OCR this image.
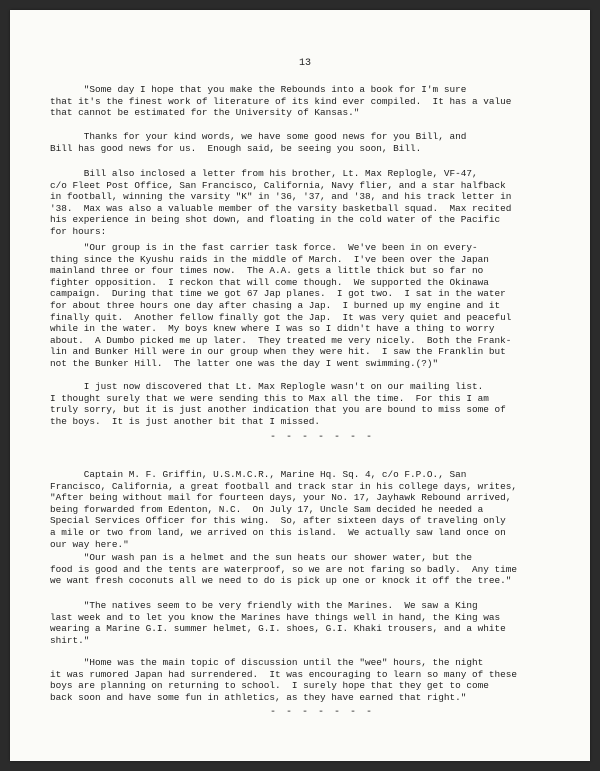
13
"Some day I hope that you make the Rebounds into a book for I'm sure
that it's the finest work of literature of its kind ever compiled.  It has a value
that cannot be estimated for the University of Kansas."
Thanks for your kind words, we have some good news for you Bill, and
Bill has good news for us.  Enough said, be seeing you soon, Bill.
Bill also inclosed a letter from his brother, Lt. Max Replogle, VF-47,
c/o Fleet Post Office, San Francisco, California, Navy flier, and a star halfback
in football, winning the varsity "K" in '36, '37, and '38, and his track letter in
'38.  Max was also a valuable member of the varsity basketball squad.  Max recited
his experience in being shot down, and floating in the cold water of the Pacific
for hours:
"Our group is in the fast carrier task force.  We've been in on every-
thing since the Kyushu raids in the middle of March.  I've been over the Japan
mainland three or four times now.  The A.A. gets a little thick but so far no
fighter opposition.  I reckon that will come though.  We supported the Okinawa
campaign.  During that time we got 67 Jap planes.  I got two.  I sat in the water
for about three hours one day after chasing a Jap.  I burned up my engine and it
finally quit.  Another fellow finally got the Jap.  It was very quiet and peaceful
while in the water.  My boys knew where I was so I didn't have a thing to worry
about.  A Dumbo picked me up later.  They treated me very nicely.  Both the Frank-
lin and Bunker Hill were in our group when they were hit.  I saw the Franklin but
not the Bunker Hill.  The latter one was the day I went swimming.(?)"
I just now discovered that Lt. Max Replogle wasn't on our mailing list.
I thought surely that we were sending this to Max all the time.  For this I am
truly sorry, but it is just another indication that you are bound to miss some of
the boys.  It is just another bit that I missed.
Captain M. F. Griffin, U.S.M.C.R., Marine Hq. Sq. 4, c/o F.P.O., San
Francisco, California, a great football and track star in his college days, writes,
"After being without mail for fourteen days, your No. 17, Jayhawk Rebound arrived,
being forwarded from Edenton, N.C.  On July 17, Uncle Sam decided he needed a
Special Services Officer for this wing.  So, after sixteen days of traveling only
a mile or two from land, we arrived on this island.  We actually saw land once on
our way here."
"Our wash pan is a helmet and the sun heats our shower water, but the
food is good and the tents are waterproof, so we are not faring so badly.  Any time
we want fresh coconuts all we need to do is pick up one or knock it off the tree."
"The natives seem to be very friendly with the Marines.  We saw a King
last week and to let you know the Marines have things well in hand, the King was
wearing a Marine G.I. summer helmet, G.I. shoes, G.I. Khaki trousers, and a white
shirt."
"Home was the main topic of discussion until the "wee" hours, the night
it was rumored Japan had surrendered.  It was encouraging to learn so many of these
boys are planning on returning to school.  I surely hope that they get to come
back soon and have some fun in athletics, as they have earned that right."
- - - - - - -
- - - - - - -
